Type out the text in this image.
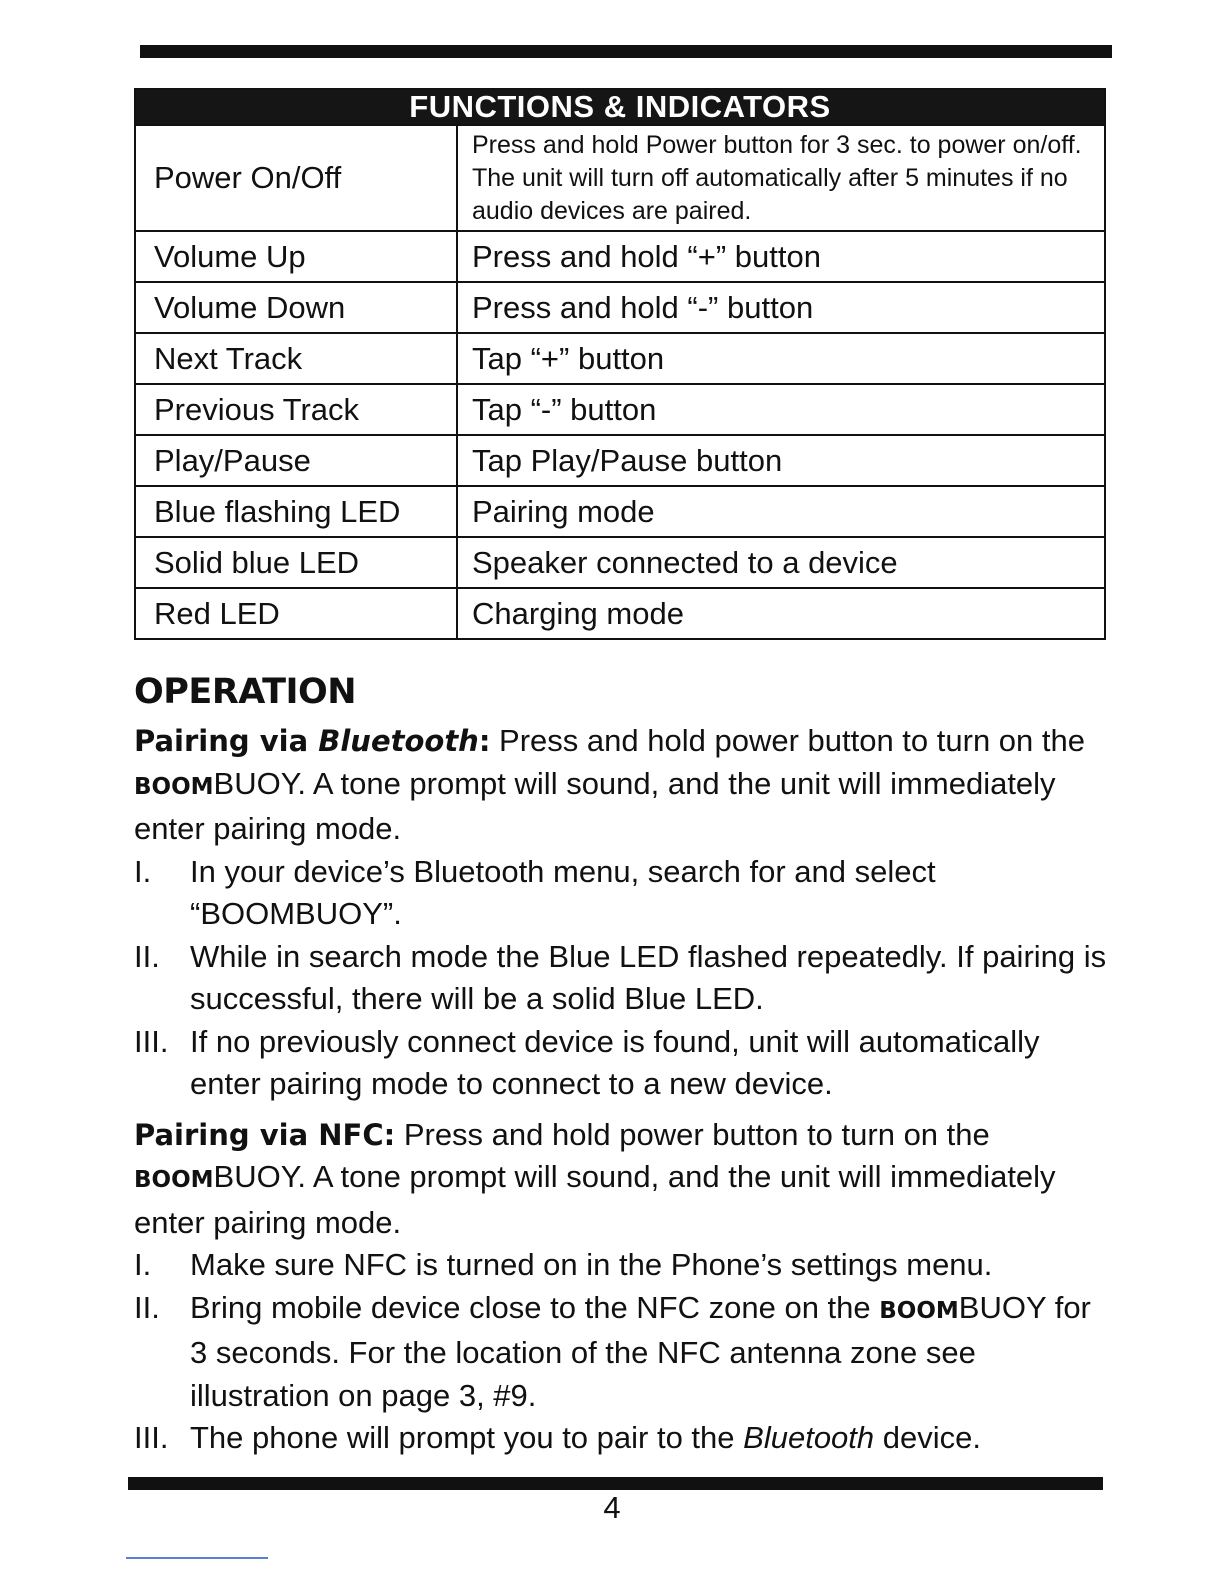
FUNCTIONS & INDICATORS
Power On/Off	Press and hold Power button for 3 sec. to power on/off. The unit will turn off automatically after 5 minutes if no audio devices are paired.
Volume Up	Press and hold “+” button
Volume Down	Press and hold “-” button
Next Track	Tap “+” button
Previous Track	Tap “-” button
Play/Pause	Tap Play/Pause button
Blue flashing LED	Pairing mode
Solid blue LED	Speaker connected to a device
Red LED	Charging mode
OPERATION

Pairing via Bluetooth: Press and hold power button to turn on the BOOMBUOY. A tone prompt will sound, and the unit will immediately enter pairing mode.

I.	In your device’s Bluetooth menu, search for and select “BOOMBUOY”.
II. While in search mode the Blue LED flashed repeatedly. If pairing is successful, there will be a solid Blue LED.
III. If no previously connect device is found, unit will automatically enter pairing mode to connect to a new device.

Pairing via NFC: Press and hold power button to turn on the BOOMBUOY. A tone prompt will sound, and the unit will immediately enter pairing mode.

I.	Make sure NFC is turned on in the Phone’s settings menu.
II. Bring mobile device close to the NFC zone on the BOOMBUOY for 3 seconds. For the location of the NFC antenna zone see illustration on page 3, #9.
III. The phone will prompt you to pair to the Bluetooth device.
4
